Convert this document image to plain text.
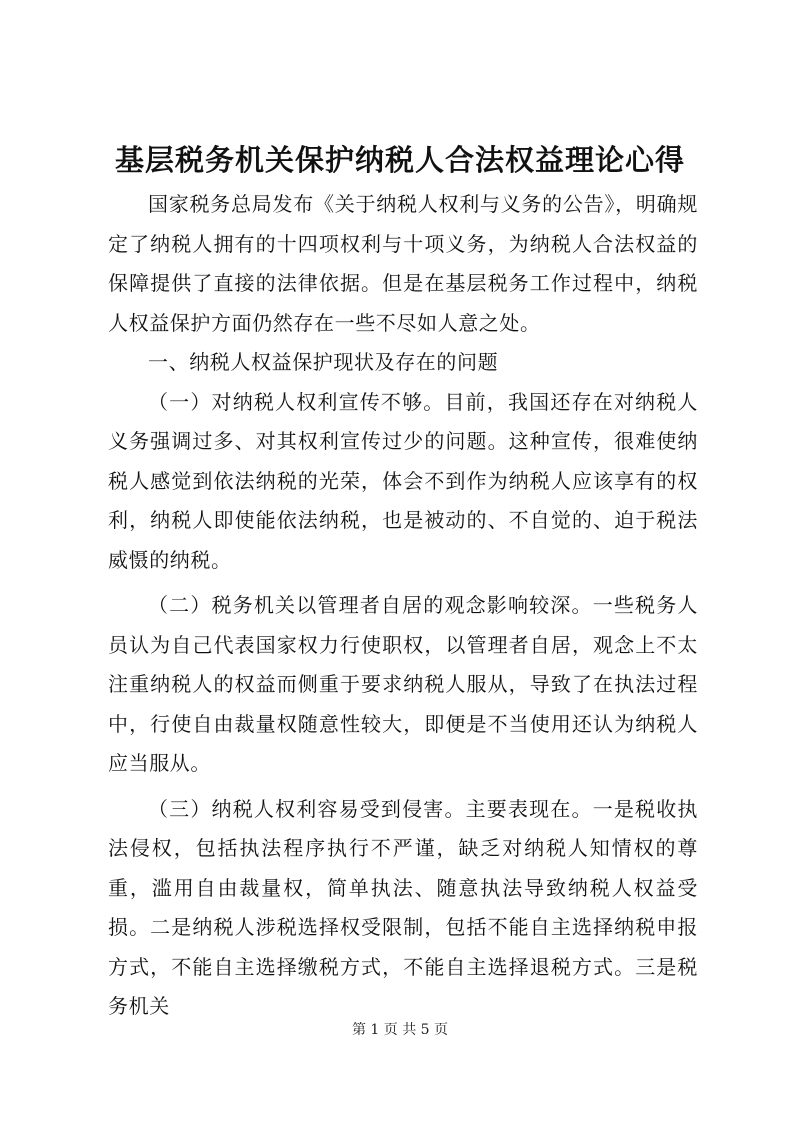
基层税务机关保护纳税人合法权益理论心得

国家税务总局发布《关于纳税人权利与义务的公告》，明确规定了纳税人拥有的十四项权利与十项义务，为纳税人合法权益的保障提供了直接的法律依据。但是在基层税务工作过程中，纳税人权益保护方面仍然存在一些不尽如人意之处。

一、纳税人权益保护现状及存在的问题

（一）对纳税人权利宣传不够。目前，我国还存在对纳税人义务强调过多、对其权利宣传过少的问题。这种宣传，很难使纳税人感觉到依法纳税的光荣，体会不到作为纳税人应该享有的权利，纳税人即使能依法纳税，也是被动的、不自觉的、迫于税法威慑的纳税。

（二）税务机关以管理者自居的观念影响较深。一些税务人员认为自己代表国家权力行使职权，以管理者自居，观念上不太注重纳税人的权益而侧重于要求纳税人服从，导致了在执法过程中，行使自由裁量权随意性较大，即便是不当使用还认为纳税人应当服从。

（三）纳税人权利容易受到侵害。主要表现在。一是税收执法侵权，包括执法程序执行不严谨，缺乏对纳税人知情权的尊重，滥用自由裁量权，简单执法、随意执法导致纳税人权益受损。二是纳税人涉税选择权受限制，包括不能自主选择纳税申报方式，不能自主选择缴税方式，不能自主选择退税方式。三是税务机关

第 1 页 共 5 页
